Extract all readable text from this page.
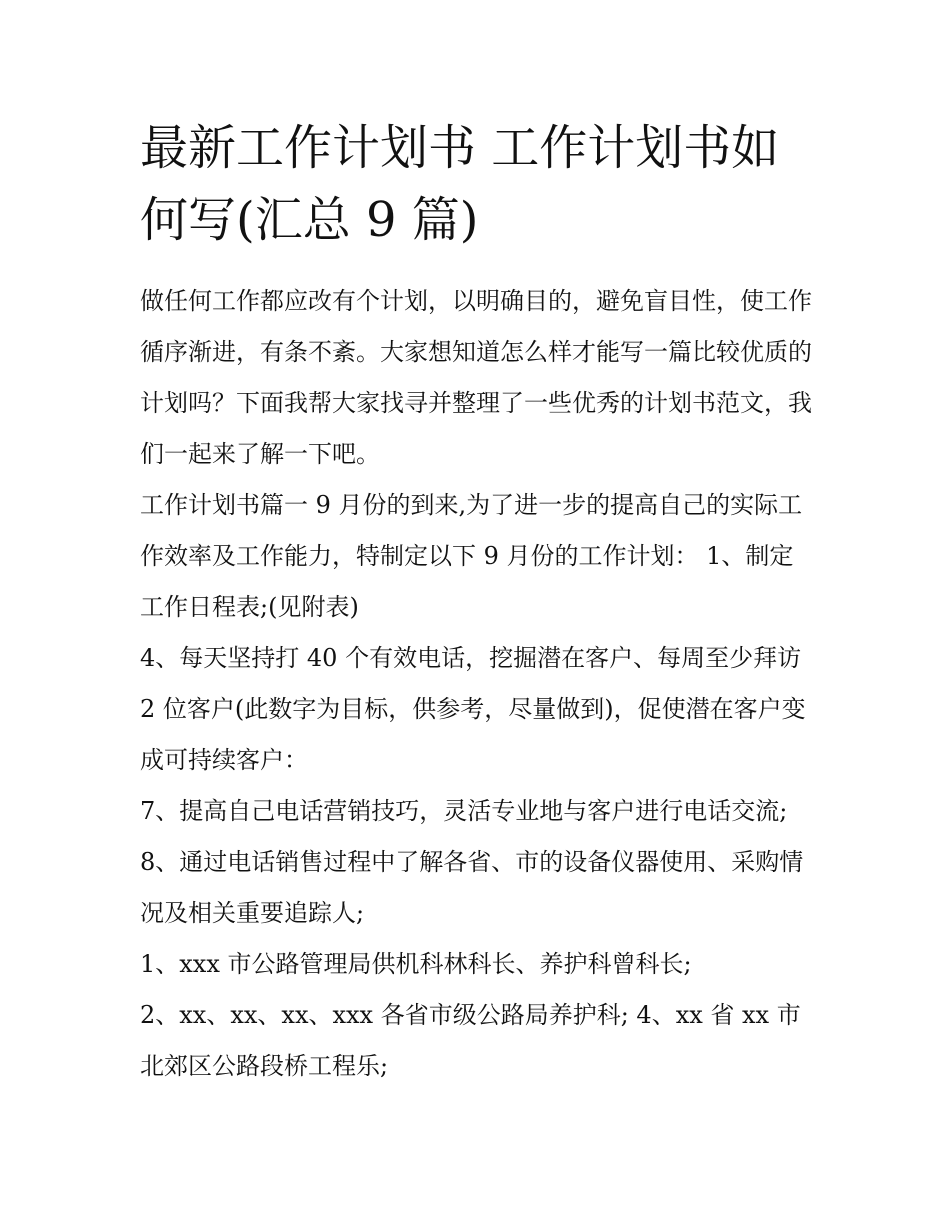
最新工作计划书 工作计划书如何写(汇总 9 篇)

做任何工作都应改有个计划，以明确目的，避免盲目性，使工作循序渐进，有条不紊。大家想知道怎么样才能写一篇比较优质的计划吗？下面我帮大家找寻并整理了一些优秀的计划书范文，我们一起来了解一下吧。

工作计划书篇一 9 月份的到来,为了进一步的提高自己的实际工作效率及工作能力，特制定以下 9 月份的工作计划： 1、制定工作日程表;(见附表)

4、每天坚持打 40 个有效电话，挖掘潜在客户、每周至少拜访 2 位客户(此数字为目标，供参考，尽量做到)，促使潜在客户变成可持续客户：

7、提高自己电话营销技巧，灵活专业地与客户进行电话交流;

8、通过电话销售过程中了解各省、市的设备仪器使用、采购情况及相关重要追踪人;

1、xxx 市公路管理局供机科林科长、养护科曾科长;

2、xx、xx、xx、xxx 各省市级公路局养护科; 4、xx 省 xx 市北郊区公路段桥工程乐;
